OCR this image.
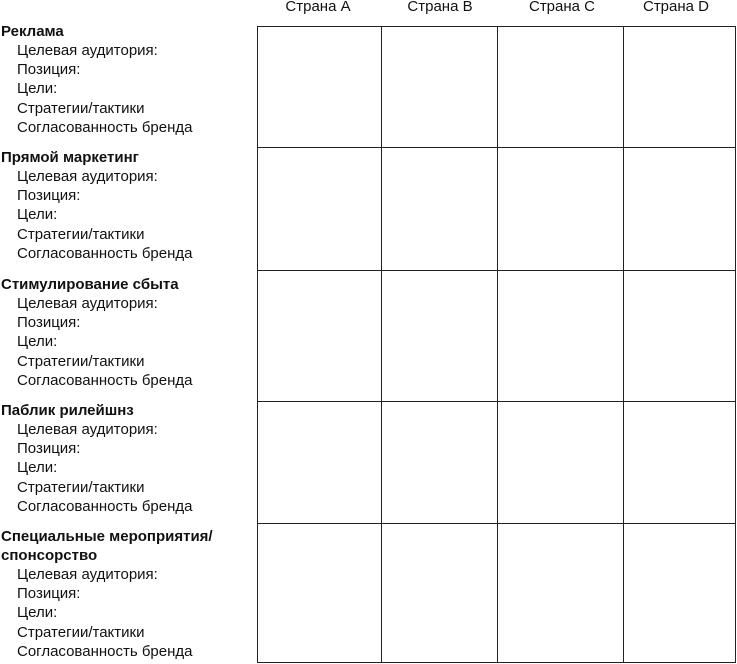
Страна A	Страна B	Страна C	Страна D
Реклама
Целевая аудитория:
Позиция:
Цели:
Стратегии/тактики
Согласованность бренда
Прямой маркетинг
Целевая аудитория:
Позиция:
Цели:
Стратегии/тактики
Согласованность бренда
Стимулирование сбыта
Целевая аудитория:
Позиция:
Цели:
Стратегии/тактики
Согласованность бренда
Паблик рилейшнз
Целевая аудитория:
Позиция:
Цели:
Стратегии/тактики
Согласованность бренда
Специальные мероприятия/
спонсорство
Целевая аудитория:
Позиция:
Цели:
Стратегии/тактики
Согласованность бренда
